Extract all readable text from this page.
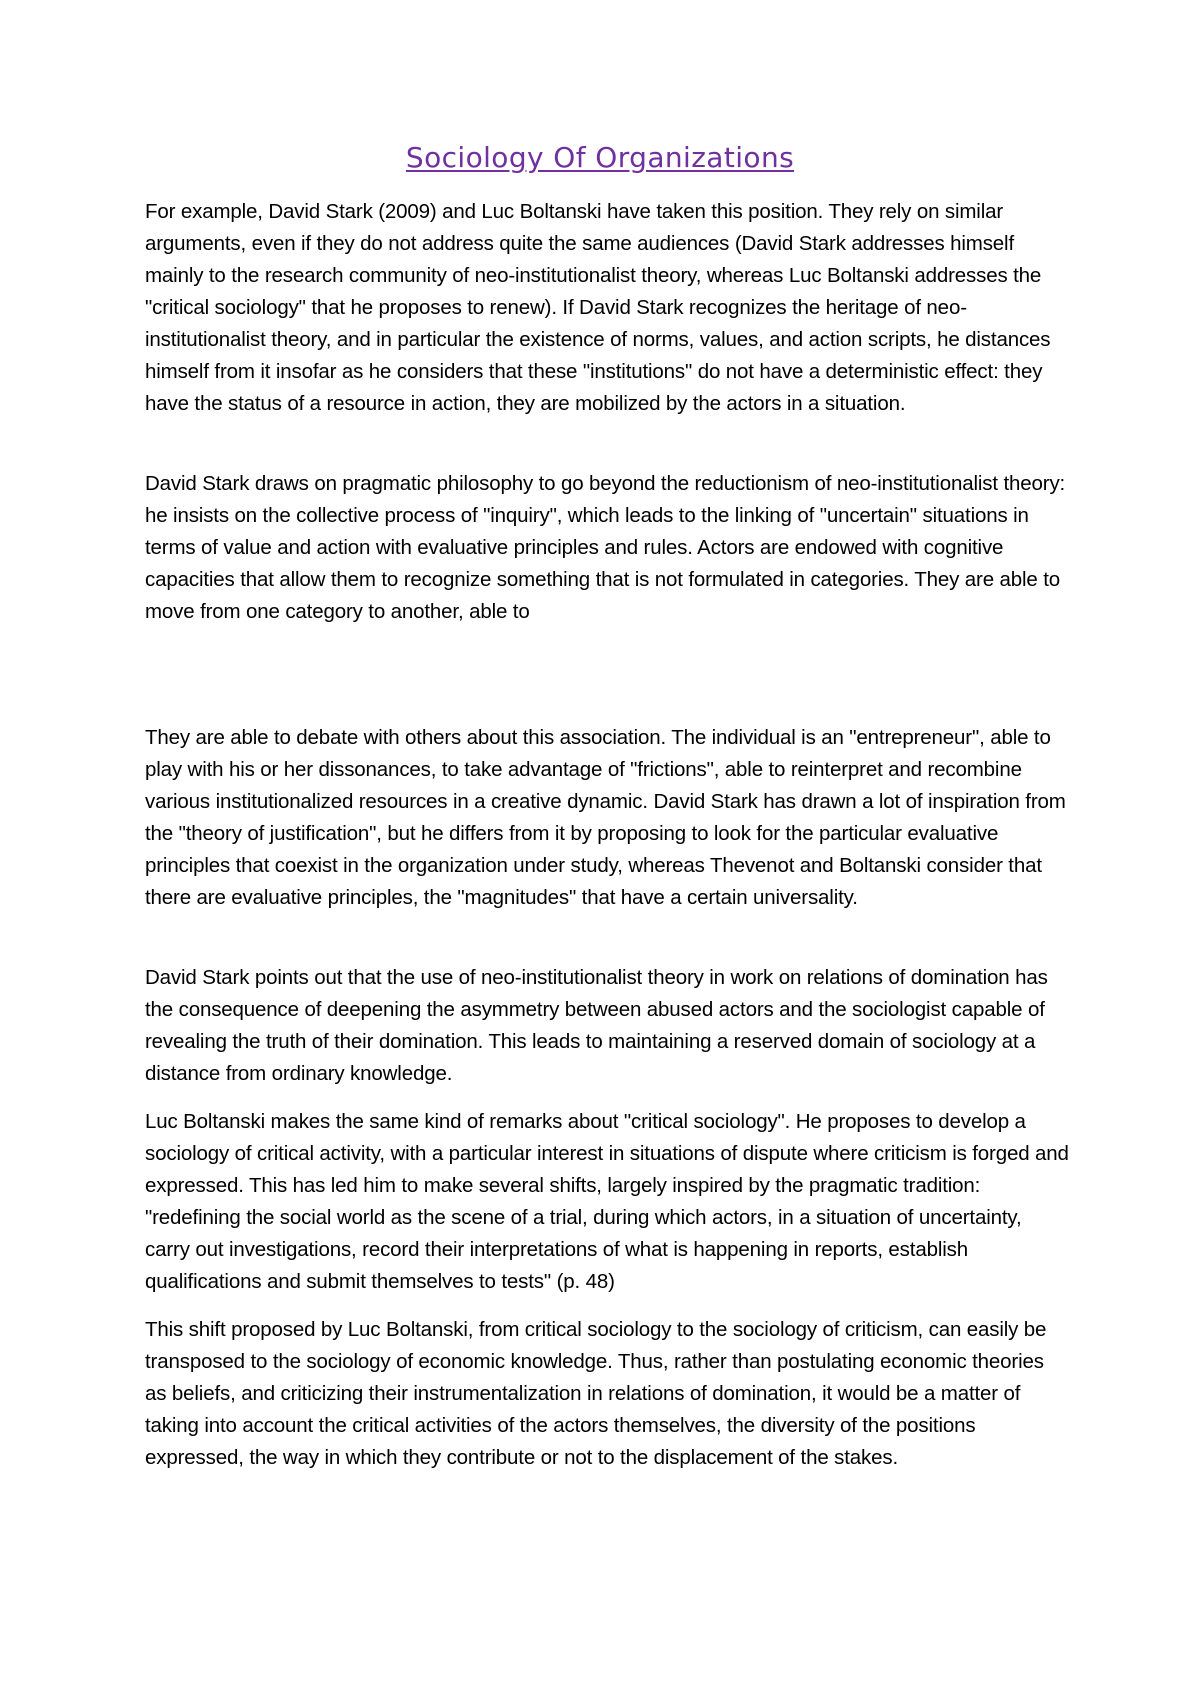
Sociology Of Organizations

For example, David Stark (2009) and Luc Boltanski have taken this position. They rely on similar arguments, even if they do not address quite the same audiences (David Stark addresses himself mainly to the research community of neo-institutionalist theory, whereas Luc Boltanski addresses the "critical sociology" that he proposes to renew). If David Stark recognizes the heritage of neo-institutionalist theory, and in particular the existence of norms, values, and action scripts, he distances himself from it insofar as he considers that these "institutions" do not have a deterministic effect: they have the status of a resource in action, they are mobilized by the actors in a situation.

David Stark draws on pragmatic philosophy to go beyond the reductionism of neo-institutionalist theory: he insists on the collective process of "inquiry", which leads to the linking of "uncertain" situations in terms of value and action with evaluative principles and rules. Actors are endowed with cognitive capacities that allow them to recognize something that is not formulated in categories. They are able to move from one category to another, able to

They are able to debate with others about this association. The individual is an "entrepreneur", able to play with his or her dissonances, to take advantage of "frictions", able to reinterpret and recombine various institutionalized resources in a creative dynamic. David Stark has drawn a lot of inspiration from the "theory of justification", but he differs from it by proposing to look for the particular evaluative principles that coexist in the organization under study, whereas Thevenot and Boltanski consider that there are evaluative principles, the "magnitudes" that have a certain universality.

David Stark points out that the use of neo-institutionalist theory in work on relations of domination has the consequence of deepening the asymmetry between abused actors and the sociologist capable of revealing the truth of their domination. This leads to maintaining a reserved domain of sociology at a distance from ordinary knowledge.

Luc Boltanski makes the same kind of remarks about "critical sociology". He proposes to develop a sociology of critical activity, with a particular interest in situations of dispute where criticism is forged and expressed. This has led him to make several shifts, largely inspired by the pragmatic tradition: "redefining the social world as the scene of a trial, during which actors, in a situation of uncertainty, carry out investigations, record their interpretations of what is happening in reports, establish qualifications and submit themselves to tests" (p. 48)

This shift proposed by Luc Boltanski, from critical sociology to the sociology of criticism, can easily be transposed to the sociology of economic knowledge. Thus, rather than postulating economic theories as beliefs, and criticizing their instrumentalization in relations of domination, it would be a matter of taking into account the critical activities of the actors themselves, the diversity of the positions expressed, the way in which they contribute or not to the displacement of the stakes.
